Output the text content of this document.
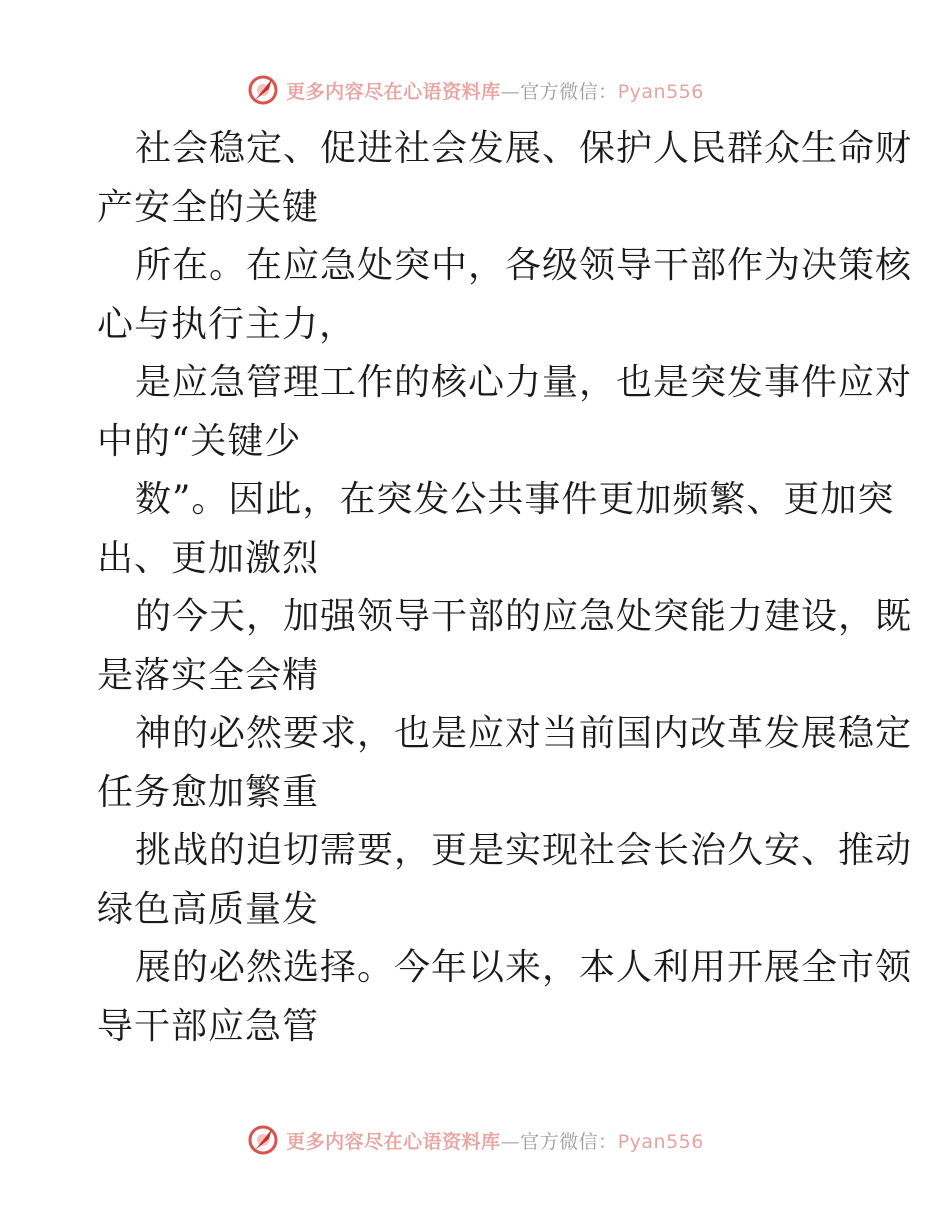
更多内容尽在心语资料库—官方微信：Pyan556
社会稳定、促进社会发展、保护人民群众生命财
产安全的关键
所在。在应急处突中，各级领导干部作为决策核
心与执行主力，
是应急管理工作的核心力量，也是突发事件应对
中的“关键少
数”。因此，在突发公共事件更加频繁、更加突
出、更加激烈
的今天，加强领导干部的应急处突能力建设，既
是落实全会精
神的必然要求，也是应对当前国内改革发展稳定
任务愈加繁重
挑战的迫切需要，更是实现社会长治久安、推动
绿色高质量发
展的必然选择。今年以来，本人利用开展全市领
导干部应急管
更多内容尽在心语资料库—官方微信：Pyan556
